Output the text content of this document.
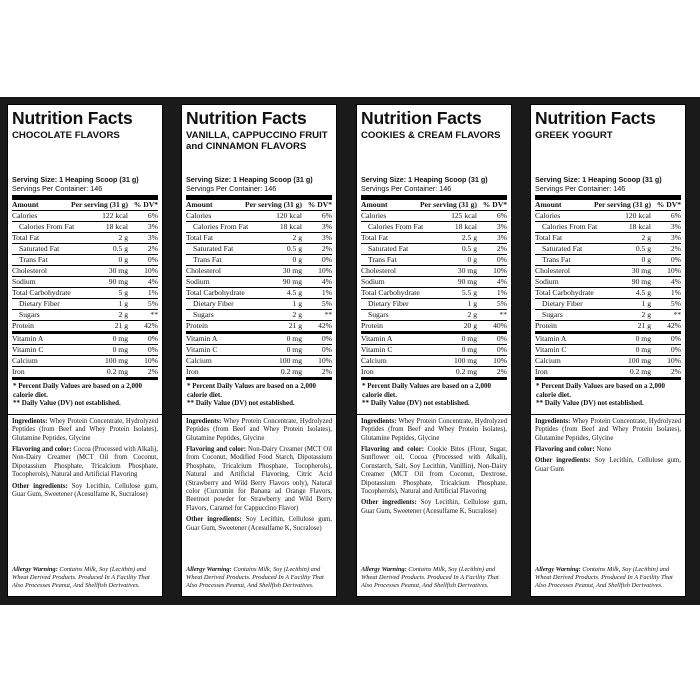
Nutrition Facts
CHOCOLATE FLAVORS
Serving Size: 1 Heaping Scoop (31 g)
Servings Per Container: 146
Amount	Per serving (31 g) % DV*
Calories	122 kcal	6%
Calories From Fat	18 kcal	3%
Total Fat	2 g	3%
Saturated Fat	0.5 g	2%
Trans Fat	0 g	0%
Cholesterol	30 mg	10%
Sodium	90 mg	4%
Total Carbohydrate	5 g	1%
Dietary Fiber	1 g	5%
Sugars	2 g	**
Protein	21 g	42%
Vitamin A	0 mg	0%
Vitamin C	0 mg	0%
Calcium	100 mg	10%
Iron	0.2 mg	2%
* Percent Daily Values are based on a 2,000 calorie diet.
** Daily Value (DV) not established.
Ingredients: Whey Protein Concentrate, Hydrolyzed Peptides (from Beef and Whey Protein Isolates), Glutamine Peptides, Glycine
Flavoring and color: Cocoa (Processed with Alkali), Non-Dairy Creamer (MCT Oil from Coconut, Dipotassium Phosphate, Tricalcium Phosphate, Tocopherols), Natural and Artificial Flavoring
Other ingredients: Soy Lecithin, Cellulose gum, Guar Gum, Sweetener (Acesulfame K, Sucralose)
Allergy Warning: Contains Milk, Soy (Lecithin) and Wheat Derived Products. Produced In A Facility That Also Processes Peanut, And Shellfish Derivatives.
Nutrition Facts
VANILLA, CAPPUCCINO FRUIT and CINNAMON FLAVORS
Serving Size: 1 Heaping Scoop (31 g)
Servings Per Container: 146
Amount	Per serving (31 g) % DV*
Calories	120 kcal	6%
Calories From Fat	18 kcal	3%
Total Fat	2 g	3%
Saturated Fat	0.5 g	2%
Trans Fat	0 g	0%
Cholesterol	30 mg	10%
Sodium	90 mg	4%
Total Carbohydrate	4.5 g	1%
Dietary Fiber	1 g	5%
Sugars	2 g	**
Protein	21 g	42%
Vitamin A	0 mg	0%
Vitamin C	0 mg	0%
Calcium	100 mg	10%
Iron	0.2 mg	2%
* Percent Daily Values are based on a 2,000 calorie diet.
** Daily Value (DV) not established.
Ingredients: Whey Protein Concentrate, Hydrolyzed Peptides (from Beef and Whey Protein Isolates), Glutamine Peptides, Glycine
Flavoring and color: Non-Dairy Creamer (MCT Oil from Coconut, Modified Food Starch, Dipotassium Phosphate, Tricalcium Phosphate, Tocopherols), Natural and Artificial Flavoring, Citric Acid (Strawberry and Wild Berry Flavors only), Natural color (Curcumin for Banana ad Orange Flavors, Beetroot powder for Strawberry and Wild Berry Flavors, Caramel for Cappuccino Flavor)
Other ingredients: Soy Lecithin, Cellulose gum, Guar Gum, Sweetener (Acesulfame K, Sucralose)
Allergy Warning: Contains Milk, Soy (Lecithin) and Wheat Derived Products. Produced In A Facility That Also Processes Peanut, And Shellfish Derivatives.
Nutrition Facts
COOKIES & CREAM FLAVORS
Serving Size: 1 Heaping Scoop (31 g)
Servings Per Container: 146
Amount	Per serving (31 g) % DV*
Calories	125 kcal	6%
Calories From Fat	18 kcal	3%
Total Fat	2.5 g	3%
Saturated Fat	0.5 g	2%
Trans Fat	0 g	0%
Cholesterol	30 mg	10%
Sodium	90 mg	4%
Total Carbohydrate	5.5 g	1%
Dietary Fiber	1 g	5%
Sugars	2 g	**
Protein	20 g	40%
Vitamin A	0 mg	0%
Vitamin C	0 mg	0%
Calcium	100 mg	10%
Iron	0.2 mg	2%
* Percent Daily Values are based on a 2,000 calorie diet.
** Daily Value (DV) not established.
Ingredients: Whey Protein Concentrate, Hydrolyzed Peptides (from Beef and Whey Protein Isolates), Glutamine Peptides, Glycine
Flavoring and color: Cookie Bites (Flour, Sugar, Sunflower oil, Cocoa (Processed with Alkali), Cornstarch, Salt, Soy Lecithin, Vanillin), Non-Dairy Creamer (MCT Oil from Coconut, Dextrose, Dipotassium Phosphate, Tricalcium Phosphate, Tocopherols), Natural and Artificial Flavoring
Other ingredients: Soy Lecithin, Cellulose gum, Guar Gum, Sweetener (Acesulfame K, Sucralose)
Allergy Warning: Contains Milk, Soy (Lecithin) and Wheat Derived Products. Produced In A Facility That Also Processes Peanut, And Shellfish Derivatives.
Nutrition Facts
GREEK YOGURT
Serving Size: 1 Heaping Scoop (31 g)
Servings Per Container: 146
Amount	Per serving (31 g) % DV*
Calories	120 kcal	6%
Calories From Fat	18 kcal	3%
Total Fat	2 g	3%
Saturated Fat	0.5 g	2%
Trans Fat	0 g	0%
Cholesterol	30 mg	10%
Sodium	90 mg	4%
Total Carbohydrate	4.5 g	1%
Dietary Fiber	1 g	5%
Sugars	2 g	**
Protein	21 g	42%
Vitamin A	0 mg	0%
Vitamin C	0 mg	0%
Calcium	100 mg	10%
Iron	0.2 mg	2%
* Percent Daily Values are based on a 2,000 calorie diet.
** Daily Value (DV) not established.
Ingredients: Whey Protein Concentrate, Hydrolyzed Peptides (from Beef and Whey Protein Isolates), Glutamine Peptides, Glycine
Flavoring and color: None
Other ingredients: Soy Lecithin, Cellulose gum, Guar Gum
Allergy Warning: Contains Milk, Soy (Lecithin) and Wheat Derived Products. Produced In A Facility That Also Processes Peanut, And Shellfish Derivatives.
